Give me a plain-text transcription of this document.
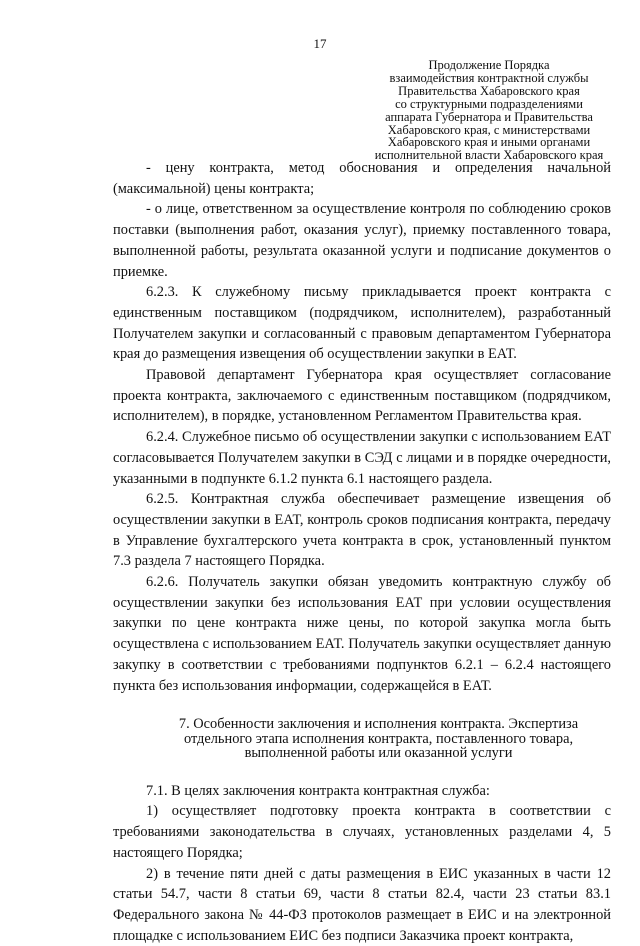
17
Продолжение Порядка
взаимодействия контрактной службы
Правительства Хабаровского края
со структурными подразделениями
аппарата Губернатора и Правительства
Хабаровского края, с министерствами
Хабаровского края и иными органами
исполнительной власти Хабаровского края

- цену контракта, метод обоснования и определения начальной (максимальной) цены контракта;

- о лице, ответственном за осуществление контроля по соблюдению сроков поставки (выполнения работ, оказания услуг), приемку поставленного товара, выполненной работы, результата оказанной услуги и подписание документов о приемке.

6.2.3. К служебному письму прикладывается проект контракта с единственным поставщиком (подрядчиком, исполнителем), разработанный Получателем закупки и согласованный с правовым департаментом Губернатора края до размещения извещения об осуществлении закупки в ЕАТ.

Правовой департамент Губернатора края осуществляет согласование проекта контракта, заключаемого с единственным поставщиком (подрядчиком, исполнителем), в порядке, установленном Регламентом Правительства края.

6.2.4. Служебное письмо об осуществлении закупки с использованием ЕАТ согласовывается Получателем закупки в СЭД с лицами и в порядке очередности, указанными в подпункте 6.1.2 пункта 6.1 настоящего раздела.

6.2.5. Контрактная служба обеспечивает размещение извещения об осуществлении закупки в ЕАТ, контроль сроков подписания контракта, передачу в Управление бухгалтерского учета контракта в срок, установленный пунктом 7.3 раздела 7 настоящего Порядка.

6.2.6. Получатель закупки обязан уведомить контрактную службу об осуществлении закупки без использования ЕАТ при условии осуществления закупки по цене контракта ниже цены, по которой закупка могла быть осуществлена с использованием ЕАТ. Получатель закупки осуществляет данную закупку в соответствии с требованиями подпунктов 6.2.1 – 6.2.4 настоящего пункта без использования информации, содержащейся в ЕАТ.

7. Особенности заключения и исполнения контракта. Экспертиза отдельного этапа исполнения контракта, поставленного товара, выполненной работы или оказанной услуги

7.1. В целях заключения контракта контрактная служба:

1) осуществляет подготовку проекта контракта в соответствии с требованиями законодательства в случаях, установленных разделами 4, 5 настоящего Порядка;

2) в течение пяти дней с даты размещения в ЕИС указанных в части 12 статьи 54.7, части 8 статьи 69, части 8 статьи 82.4, части 23 статьи 83.1 Федерального закона № 44-ФЗ протоколов размещает в ЕИС и на электронной площадке с использованием ЕИС без подписи Заказчика проект контракта,
